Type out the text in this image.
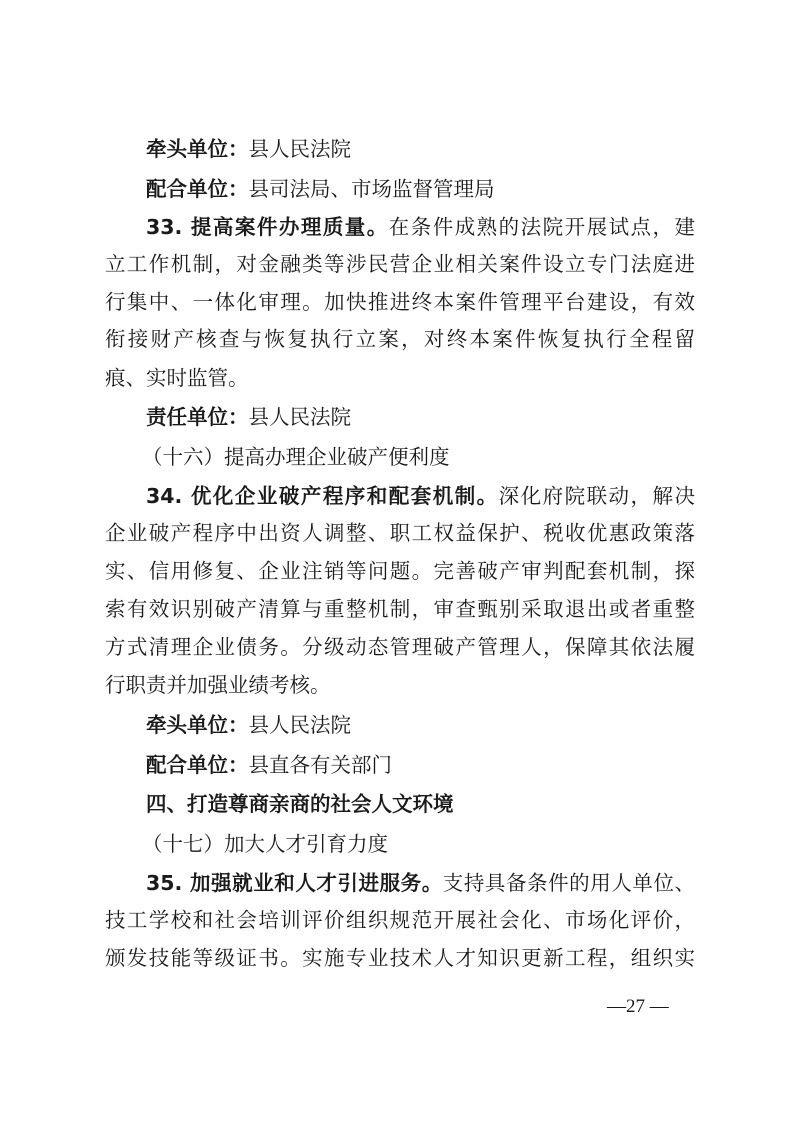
牵头单位：县人民法院
配合单位：县司法局、市场监督管理局
33. 提高案件办理质量。在条件成熟的法院开展试点，建
立工作机制，对金融类等涉民营企业相关案件设立专门法庭进
行集中、一体化审理。加快推进终本案件管理平台建设，有效
衔接财产核查与恢复执行立案，对终本案件恢复执行全程留
痕、实时监管。
责任单位：县人民法院
（十六）提高办理企业破产便利度
34. 优化企业破产程序和配套机制。深化府院联动，解决
企业破产程序中出资人调整、职工权益保护、税收优惠政策落
实、信用修复、企业注销等问题。完善破产审判配套机制，探
索有效识别破产清算与重整机制，审查甄别采取退出或者重整
方式清理企业债务。分级动态管理破产管理人，保障其依法履
行职责并加强业绩考核。
牵头单位：县人民法院
配合单位：县直各有关部门
四、打造尊商亲商的社会人文环境
（十七）加大人才引育力度
35. 加强就业和人才引进服务。支持具备条件的用人单位、
技工学校和社会培训评价组织规范开展社会化、市场化评价，
颁发技能等级证书。实施专业技术人才知识更新工程，组织实
—27 —
